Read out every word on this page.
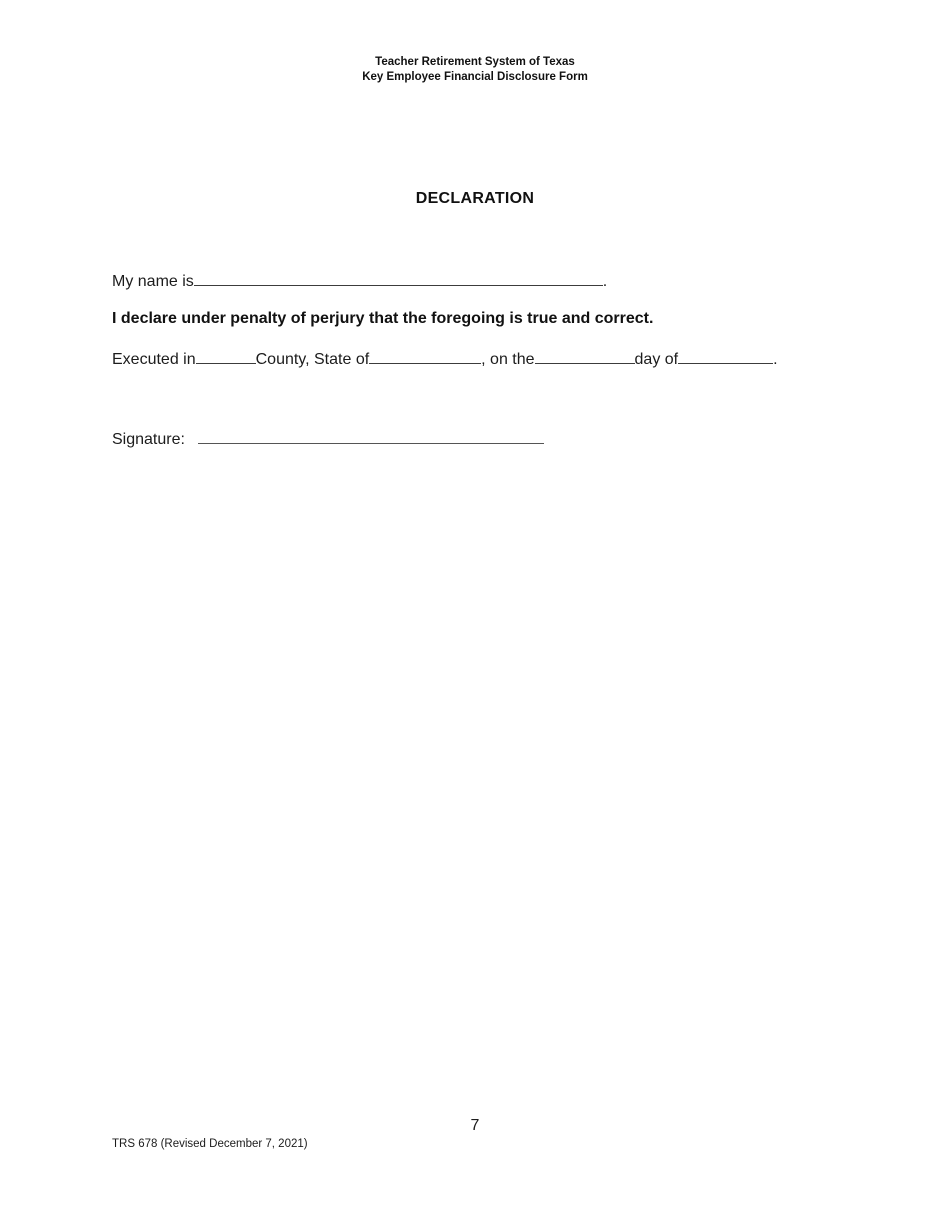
Teacher Retirement System of Texas
Key Employee Financial Disclosure Form
DECLARATION
My name is	.
I declare under penalty of perjury that the foregoing is true and correct.
Executed in	County, State of	, on the	day of	.
Signature:
7
TRS 678 (Revised December 7, 2021)
